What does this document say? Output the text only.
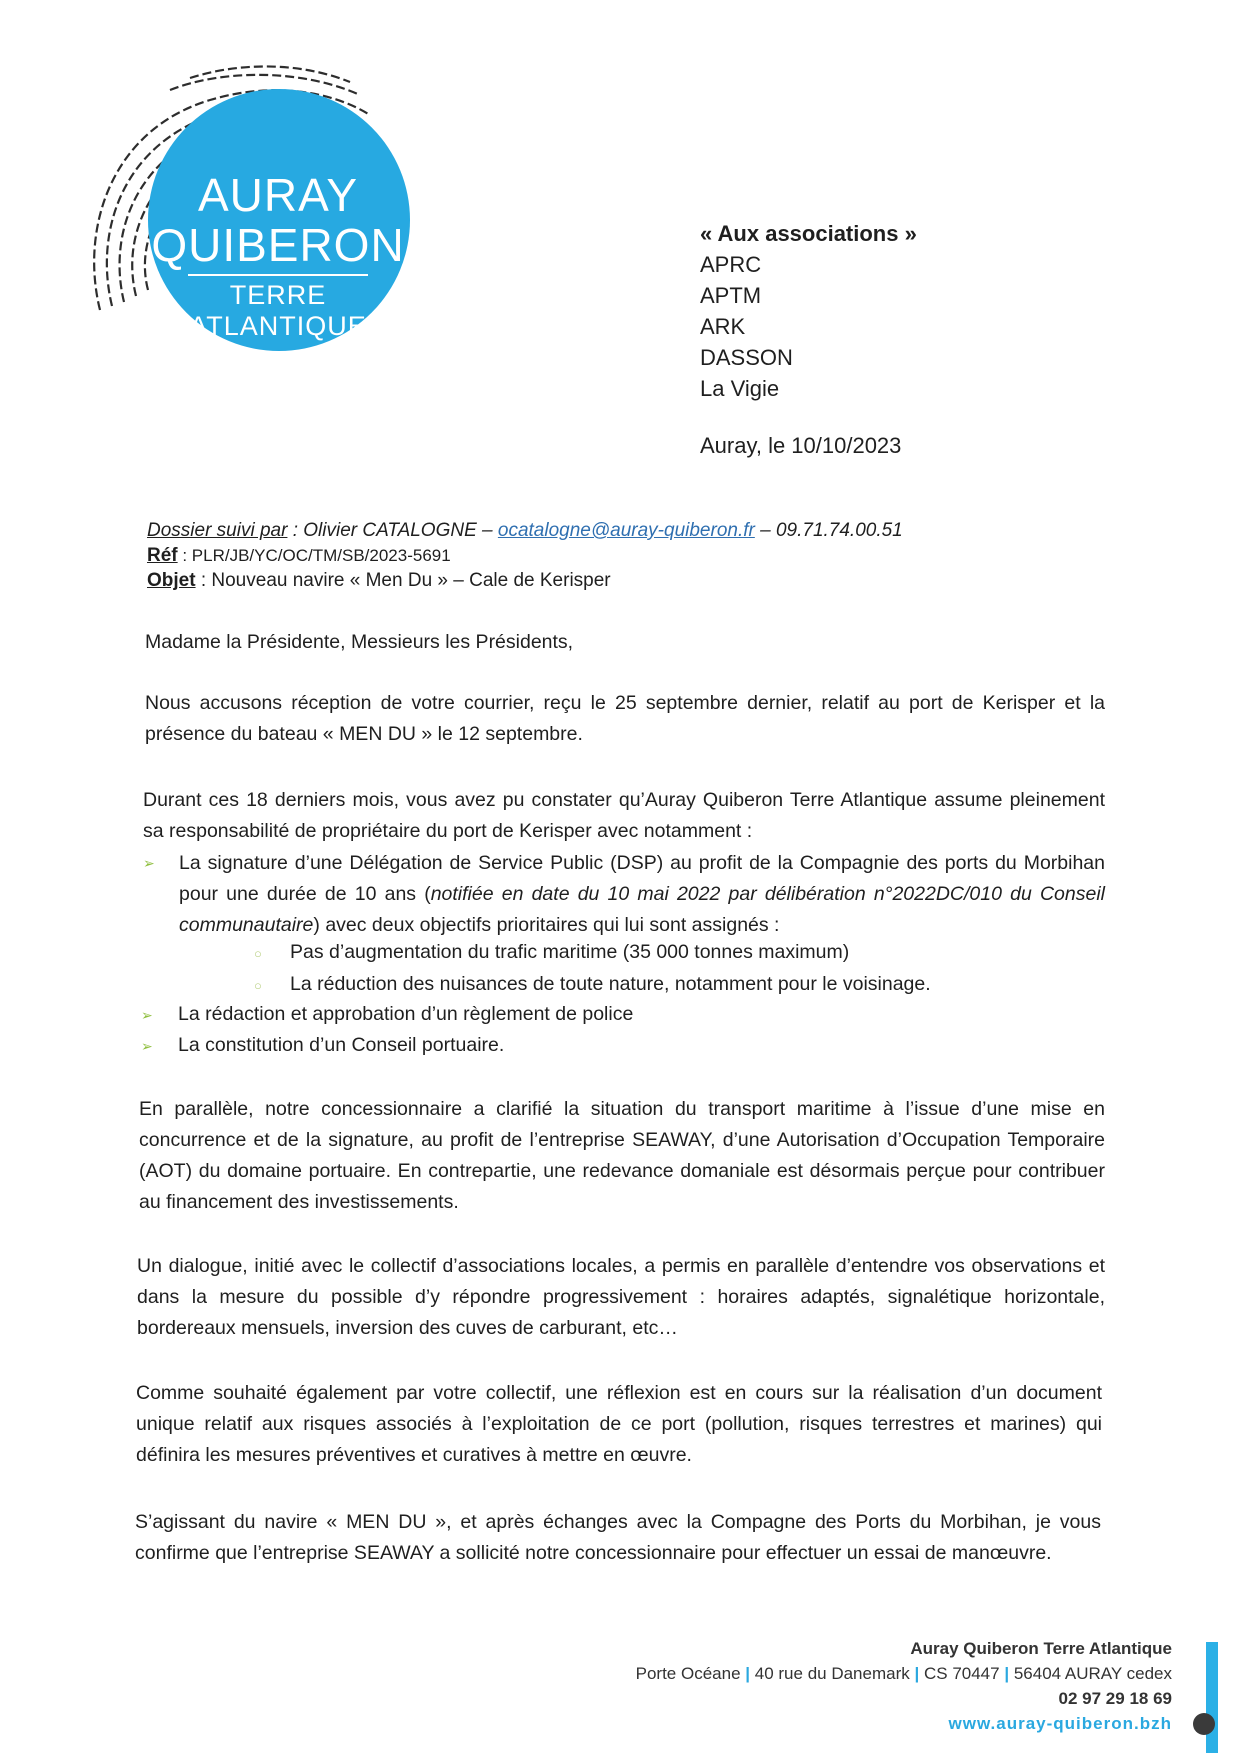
AURAY
QUIBERON
TERRE
ATLANTIQUE
« Aux associations »
APRC
APTM
ARK
DASSON
La Vigie
Auray, le 10/10/2023
Dossier suivi par : Olivier CATALOGNE – ocatalogne@auray-quiberon.fr – 09.71.74.00.51
Réf : PLR/JB/YC/OC/TM/SB/2023-5691
Objet : Nouveau navire « Men Du » – Cale de Kerisper
Madame la Présidente, Messieurs les Présidents,
Nous accusons réception de votre courrier, reçu le 25 septembre dernier, relatif au port de Kerisper et la présence du bateau « MEN DU » le 12 septembre.
Durant ces 18 derniers mois, vous avez pu constater qu’Auray Quiberon Terre Atlantique assume pleinement sa responsabilité de propriétaire du port de Kerisper avec notamment :
➢ La signature d’une Délégation de Service Public (DSP) au profit de la Compagnie des ports du Morbihan pour une durée de 10 ans (notifiée en date du 10 mai 2022 par délibération n°2022DC/010 du Conseil communautaire) avec deux objectifs prioritaires qui lui sont assignés :
○ Pas d’augmentation du trafic maritime (35 000 tonnes maximum)
○ La réduction des nuisances de toute nature, notamment pour le voisinage.
➢ La rédaction et approbation d’un règlement de police
➢ La constitution d’un Conseil portuaire.
En parallèle, notre concessionnaire a clarifié la situation du transport maritime à l’issue d’une mise en concurrence et de la signature, au profit de l’entreprise SEAWAY, d’une Autorisation d’Occupation Temporaire (AOT) du domaine portuaire. En contrepartie, une redevance domaniale est désormais perçue pour contribuer au financement des investissements.
Un dialogue, initié avec le collectif d’associations locales, a permis en parallèle d’entendre vos observations et dans la mesure du possible d’y répondre progressivement : horaires adaptés, signalétique horizontale, bordereaux mensuels, inversion des cuves de carburant, etc…
Comme souhaité également par votre collectif, une réflexion est en cours sur la réalisation d’un document unique relatif aux risques associés à l’exploitation de ce port (pollution, risques terrestres et marines) qui définira les mesures préventives et curatives à mettre en œuvre.
S’agissant du navire « MEN DU », et après échanges avec la Compagne des Ports du Morbihan, je vous confirme que l’entreprise SEAWAY a sollicité notre concessionnaire pour effectuer un essai de manœuvre.
Auray Quiberon Terre Atlantique
Porte Océane | 40 rue du Danemark | CS 70447 | 56404 AURAY cedex
02 97 29 18 69
www.auray-quiberon.bzh
